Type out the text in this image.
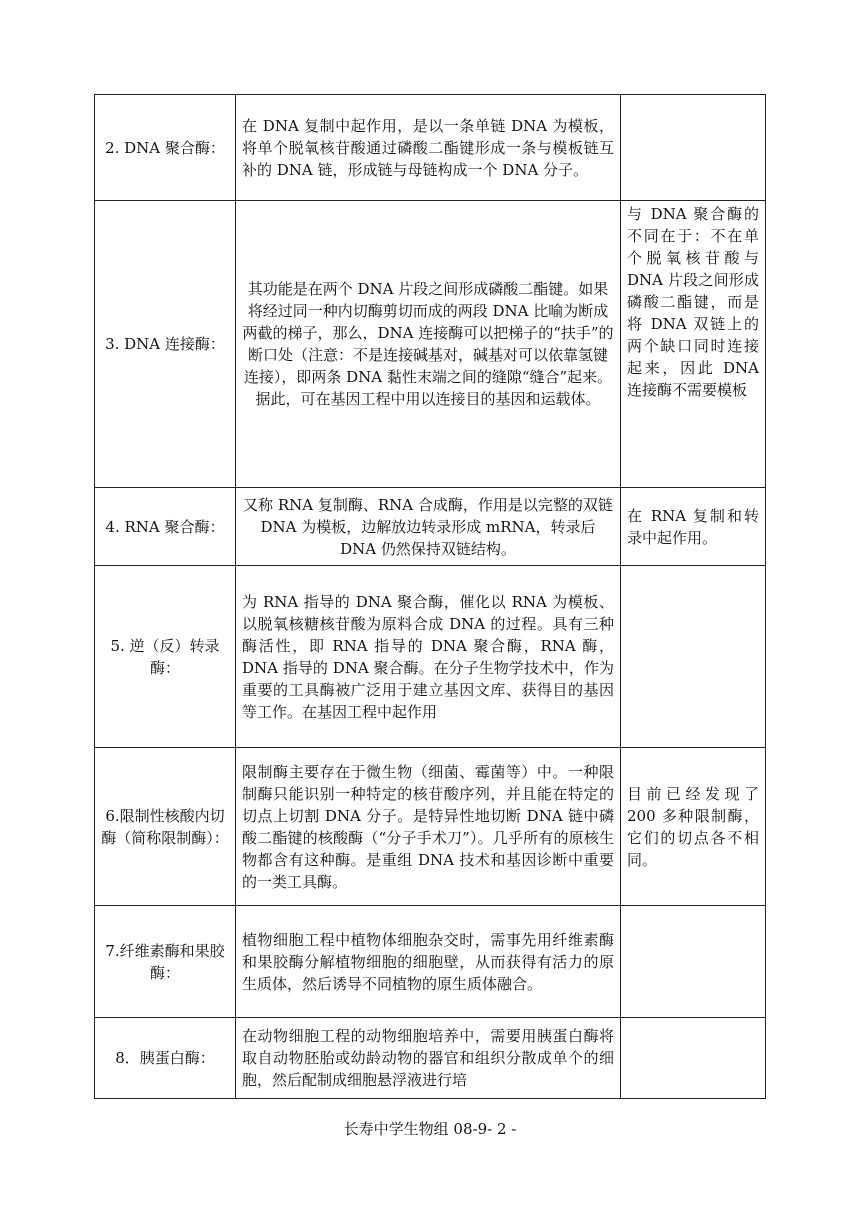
2. DNA 聚合酶：	在 DNA 复制中起作用，是以一条单链 DNA 为模板，将单个脱氧核苷酸通过磷酸二酯键形成一条与模板链互补的 DNA 链，形成链与母链构成一个 DNA 分子。	
3. DNA 连接酶：	其功能是在两个 DNA 片段之间形成磷酸二酯键。如果将经过同一种内切酶剪切而成的两段 DNA 比喻为断成两截的梯子，那么，DNA 连接酶可以把梯子的“扶手”的断口处（注意：不是连接碱基对，碱基对可以依靠氢键连接），即两条 DNA 黏性末端之间的缝隙“缝合”起来。据此，可在基因工程中用以连接目的基因和运载体。	与 DNA 聚合酶的不同在于：不在单个脱氧核苷酸与 DNA 片段之间形成磷酸二酯键，而是将 DNA 双链上的两个缺口同时连接起来，因此 DNA 连接酶不需要模板
4. RNA 聚合酶：	又称 RNA 复制酶、RNA 合成酶，作用是以完整的双链 DNA 为模板，边解放边转录形成 mRNA，转录后 DNA 仍然保持双链结构。	在 RNA 复制和转录中起作用。
5. 逆（反）转录酶：	为 RNA 指导的 DNA 聚合酶，催化以 RNA 为模板、以脱氧核糖核苷酸为原料合成 DNA 的过程。具有三种酶活性，即 RNA 指导的 DNA 聚合酶，RNA 酶，DNA 指导的 DNA 聚合酶。在分子生物学技术中，作为重要的工具酶被广泛用于建立基因文库、获得目的基因等工作。在基因工程中起作用	
6.限制性核酸内切酶（简称限制酶）：	限制酶主要存在于微生物（细菌、霉菌等）中。一种限制酶只能识别一种特定的核苷酸序列，并且能在特定的切点上切割 DNA 分子。是特异性地切断 DNA 链中磷酸二酯键的核酸酶（“分子手术刀”）。几乎所有的原核生物都含有这种酶。是重组 DNA 技术和基因诊断中重要的一类工具酶。	目前已经发现了 200 多种限制酶，它们的切点各不相同。
7.纤维素酶和果胶酶：	植物细胞工程中植物体细胞杂交时，需事先用纤维素酶和果胶酶分解植物细胞的细胞壁，从而获得有活力的原生质体，然后诱导不同植物的原生质体融合。	
8．胰蛋白酶：	在动物细胞工程的动物细胞培养中，需要用胰蛋白酶将取自动物胚胎或幼龄动物的器官和组织分散成单个的细胞，然后配制成细胞悬浮液进行培	
长寿中学生物组 08-9- 2 -
